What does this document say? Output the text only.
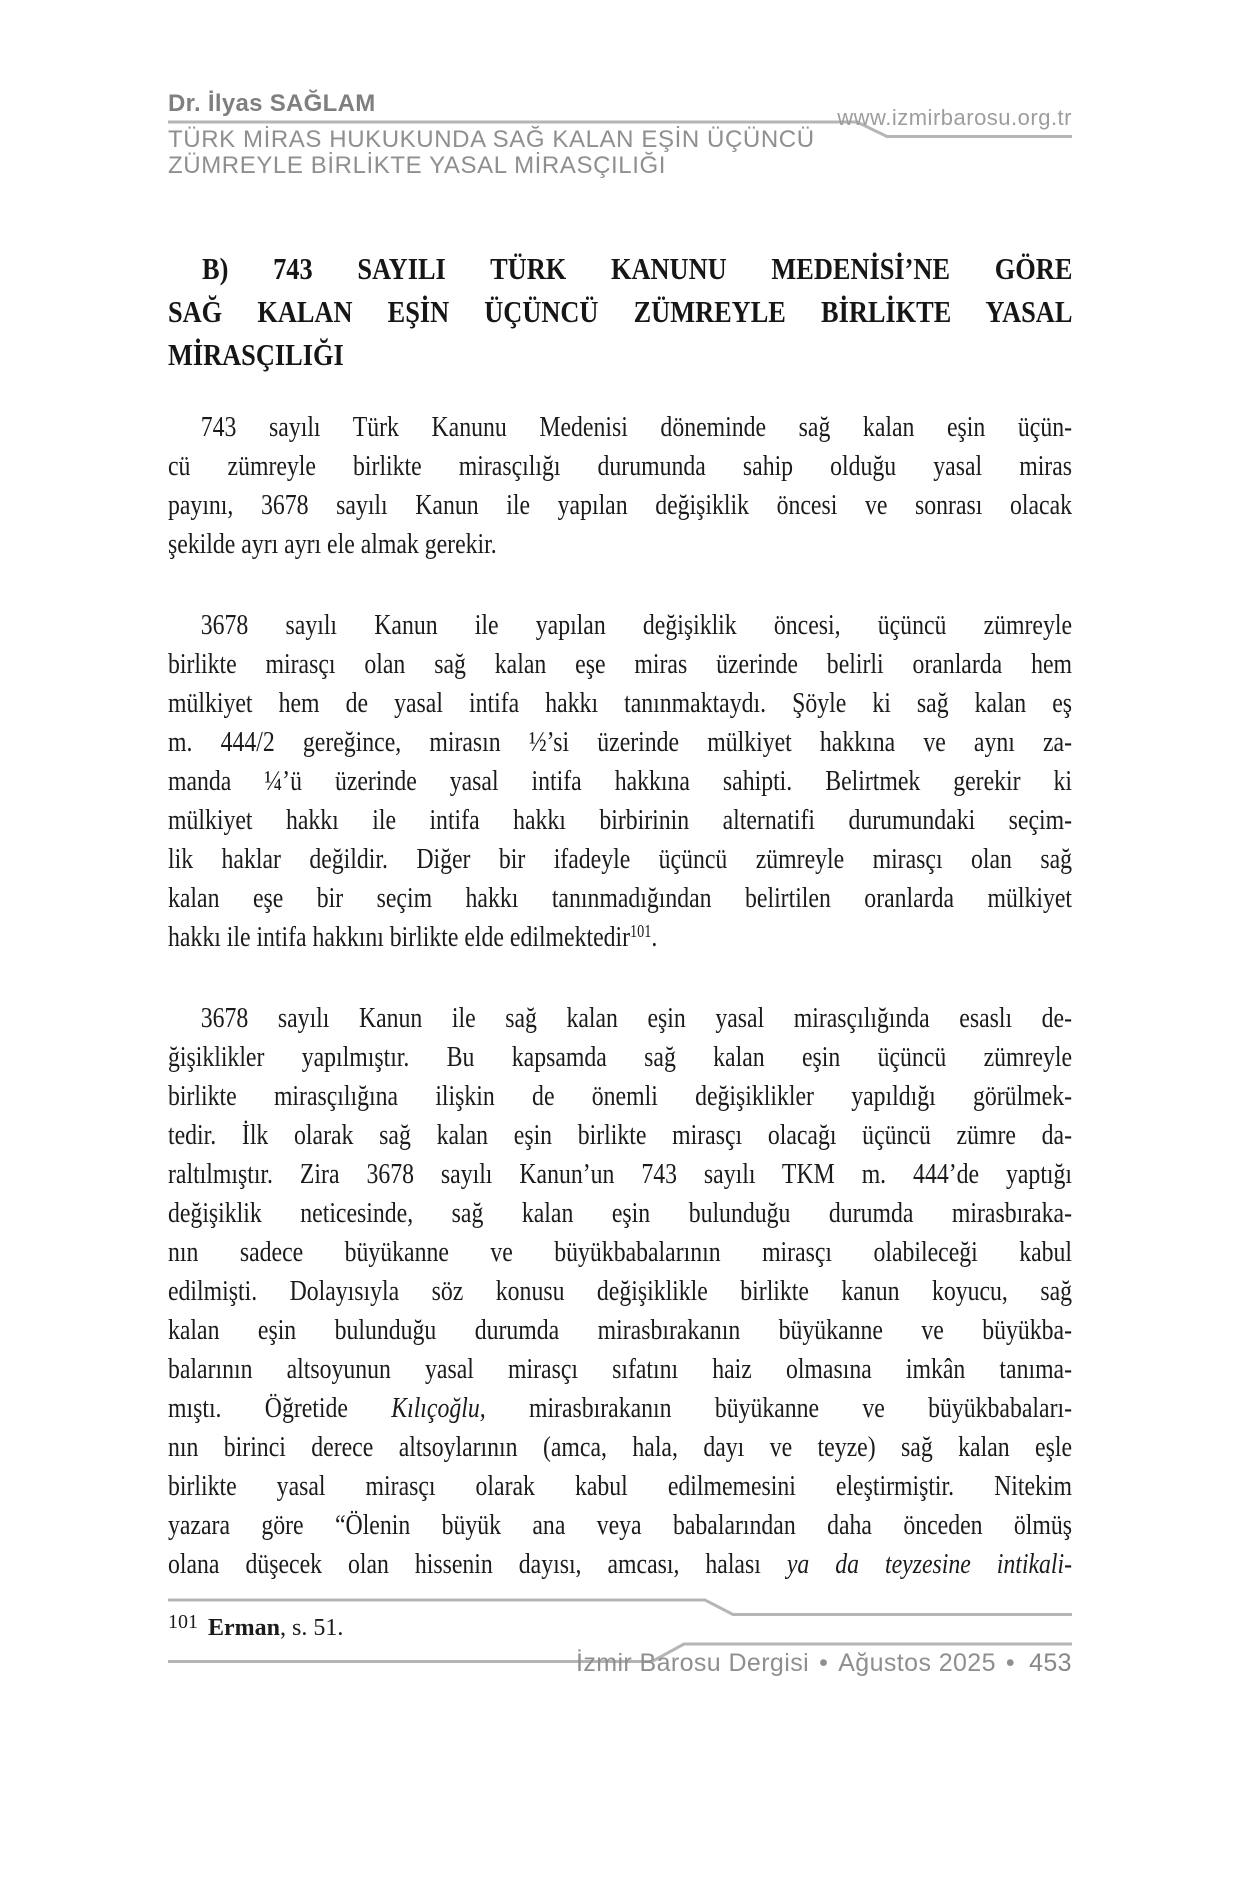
Dr. İlyas SAĞLAM
www.izmirbarosu.org.tr
TÜRK MİRAS HUKUKUNDA SAĞ KALAN EŞİN ÜÇÜNCÜ
ZÜMREYLE BİRLİKTE YASAL MİRASÇILIĞI
B) 743 SAYILI TÜRK KANUNU MEDENİSİ’NE GÖRE
SAĞ KALAN EŞİN ÜÇÜNCÜ ZÜMREYLE BİRLİKTE YASAL
MİRASÇILIĞI
743 sayılı Türk Kanunu Medenisi döneminde sağ kalan eşin üçün-
cü zümreyle birlikte mirasçılığı durumunda sahip olduğu yasal miras
payını, 3678 sayılı Kanun ile yapılan değişiklik öncesi ve sonrası olacak
şekilde ayrı ayrı ele almak gerekir.
3678 sayılı Kanun ile yapılan değişiklik öncesi, üçüncü zümreyle
birlikte mirasçı olan sağ kalan eşe miras üzerinde belirli oranlarda hem
mülkiyet hem de yasal intifa hakkı tanınmaktaydı. Şöyle ki sağ kalan eş
m. 444/2 gereğince, mirasın ½’si üzerinde mülkiyet hakkına ve aynı za-
manda ¼’ü üzerinde yasal intifa hakkına sahipti. Belirtmek gerekir ki
mülkiyet hakkı ile intifa hakkı birbirinin alternatifi durumundaki seçim-
lik haklar değildir. Diğer bir ifadeyle üçüncü zümreyle mirasçı olan sağ
kalan eşe bir seçim hakkı tanınmadığından belirtilen oranlarda mülkiyet
hakkı ile intifa hakkını birlikte elde edilmektedir$^{101}$.
3678 sayılı Kanun ile sağ kalan eşin yasal mirasçılığında esaslı de-
ğişiklikler yapılmıştır. Bu kapsamda sağ kalan eşin üçüncü zümreyle
birlikte mirasçılığına ilişkin de önemli değişiklikler yapıldığı görülmek-
tedir. İlk olarak sağ kalan eşin birlikte mirasçı olacağı üçüncü zümre da-
raltılmıştır. Zira 3678 sayılı Kanun’un 743 sayılı TKM m. 444’de yaptığı
değişiklik neticesinde, sağ kalan eşin bulunduğu durumda mirasbıraka-
nın sadece büyükanne ve büyükbabalarının mirasçı olabileceği kabul
edilmişti. Dolayısıyla söz konusu değişiklikle birlikte kanun koyucu, sağ
kalan eşin bulunduğu durumda mirasbırakanın büyükanne ve büyükba-
balarının altsoyunun yasal mirasçı sıfatını haiz olmasına imkân tanıma-
mıştı. Öğretide Kılıçoğlu, mirasbırakanın büyükanne ve büyükbabaları-
nın birinci derece altsoylarının (amca, hala, dayı ve teyze) sağ kalan eşle
birlikte yasal mirasçı olarak kabul edilmemesini eleştirmiştir. Nitekim
yazara göre “Ölenin büyük ana veya babalarından daha önceden ölmüş
olana düşecek olan hissenin dayısı, amcası, halası ya da teyzesine intikali-
$^{101}$ Erman, s. 51.
İzmir Barosu Dergisi • Ağustos 2025 • 453
